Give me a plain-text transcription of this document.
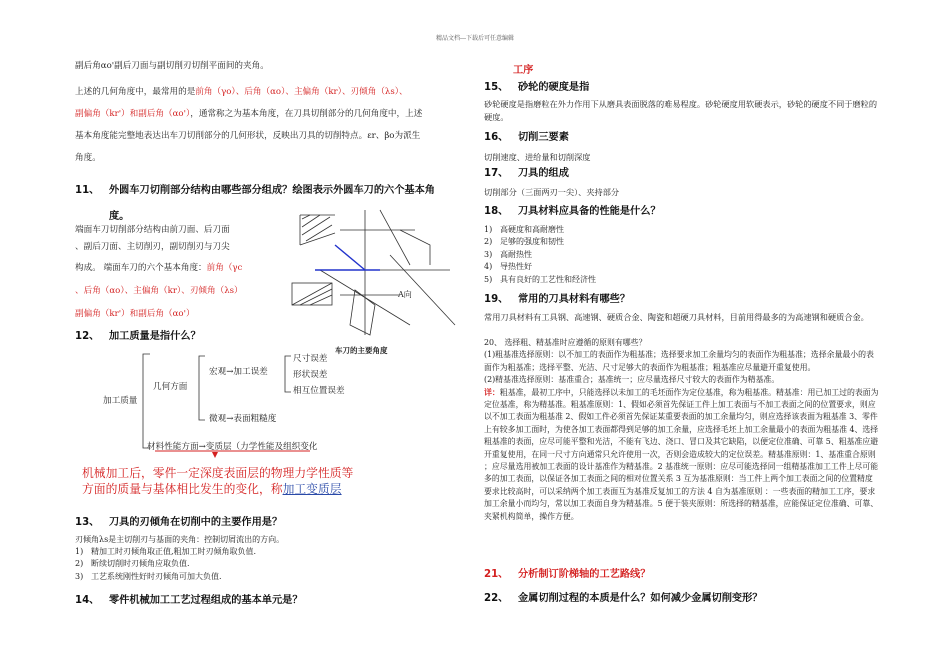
精品文档---下载后可任意编辑

副后角αo'副后刀面与副切削刃切削平面间的夹角。

上述的几何角度中，最常用的是前角（γo）、后角（αo）、主偏角（kr）、刃倾角（λs）、

副偏角（kr'）和副后角（αo'），通常称之为基本角度，在刀具切削部分的几何角度中，上述

基本角度能完整地表达出车刀切削部分的几何形状，反映出刀具的切削特点。εr、βo为派生

角度。

11、 外圆车刀切削部分结构由哪些部分组成？绘图表示外圆车刀的六个基本角
度。

端面车刀切削部分结构由前刀面、后刀面

、副后刀面、主切削刃，副切削刃与刀尖

构成。 端面车刀的六个基本角度：前角（γc

、后角（αo）、主偏角（kr）、刃倾角（λs）

副偏角（kr'）和副后角（αo'）

A向
车刀的主要角度
12、 加工质量是指什么？
加工质量
几何方面
宏观→加工误差
尺寸误差
形状误差
相互位置误差
微观→表面粗糙度
材料性能方面→变质层（力学性能及组织变化

机械加工后，零件一定深度表面层的物理力学性质等

方面的质量与基体相比发生的变化，称加工变质层

13、 刀具的刃倾角在切削中的主要作用是？

刃倾角λs是主切削刃与基面的夹角：控制切屑流出的方向。

1) 精加工时刃倾角取正值,粗加工时刃倾角取负值.
2) 断续切削时刃倾角应取负值.
3) 工艺系统刚性好时刃倾角可加大负值.
14、 零件机械加工工艺过程组成的基本单元是？
工序
15、 砂轮的硬度是指
砂轮硬度是指磨粒在外力作用下从磨具表面脱落的难易程度。砂轮硬度用软硬表示，砂轮的硬度不同于磨粒的硬度。
16、 切削三要素
切削速度、进给量和切削深度
17、 刀具的组成
切削部分（三面两刃一尖）、夹持部分
18、 刀具材料应具备的性能是什么？
1) 高硬度和高耐磨性
2) 足够的强度和韧性
3) 高耐热性
4) 导热性好
5) 具有良好的工艺性和经济性
19、 常用的刀具材料有哪些？
常用刀具材料有工具钢、高速钢、硬质合金、陶瓷和超硬刀具材料，目前用得最多的为高速钢和硬质合金。

20、 选择粗、精基准时应遵循的原则有哪些？

(1)粗基准选择原则：以不加工的表面作为粗基准；选择要求加工余量均匀的表面作为粗基准；选择余量最小的表面作为粗基准；选择平整、光洁、尺寸足够大的表面作为粗基准；粗基准应尽量避开重复使用。

(2)精基准选择原则：基准重合；基准统一；应尽量选择尺寸较大的表面作为精基准。

详：粗基准，最初工序中，只能选择以未加工的毛坯面作为定位基准，称为粗基准。精基准：用已加工过的表面为定位基准，称为精基准。粗基准原则：1、假如必须首先保证工件上加工表面与不加工表面之间的位置要求，则应以不加工表面为粗基准 2、假如工件必须首先保证某重要表面的加工余量均匀，则应选择该表面为粗基准 3、零件上有较多加工面时，为使各加工表面都得到足够的加工余量，应选择毛坯上加工余量最小的表面为粗基准 4、选择粗基准的表面，应尽可能平整和光洁，不能有飞边、浇口、冒口及其它缺陷，以便定位准确、可靠 5、粗基准应避开重复使用，在同一尺寸方向通常只允许使用一次，否则会造成较大的定位误差。精基准原则：1、基准重合原则 ；应尽量选用被加工表面的设计基准作为精基准。2 基准统一原则：应尽可能选择同一组精基准加工工件上尽可能多的加工表面，以保证各加工表面之间的相对位置关系 3 互为基准原则：当工件上两个加工表面之间的位置精度要求比较高时，可以采纳两个加工表面互为基准反复加工的方法 4 自为基准原则 ：一些表面的精加工工序，要求加工余量小而均匀，常以加工表面自身为精基准。5 便于装夹原则：所选择的精基准，应能保证定位准确、可靠、夹紧机构简单，操作方便。

21、 分析制订阶梯轴的工艺路线？
22、 金属切削过程的本质是什么？如何减少金属切削变形？
